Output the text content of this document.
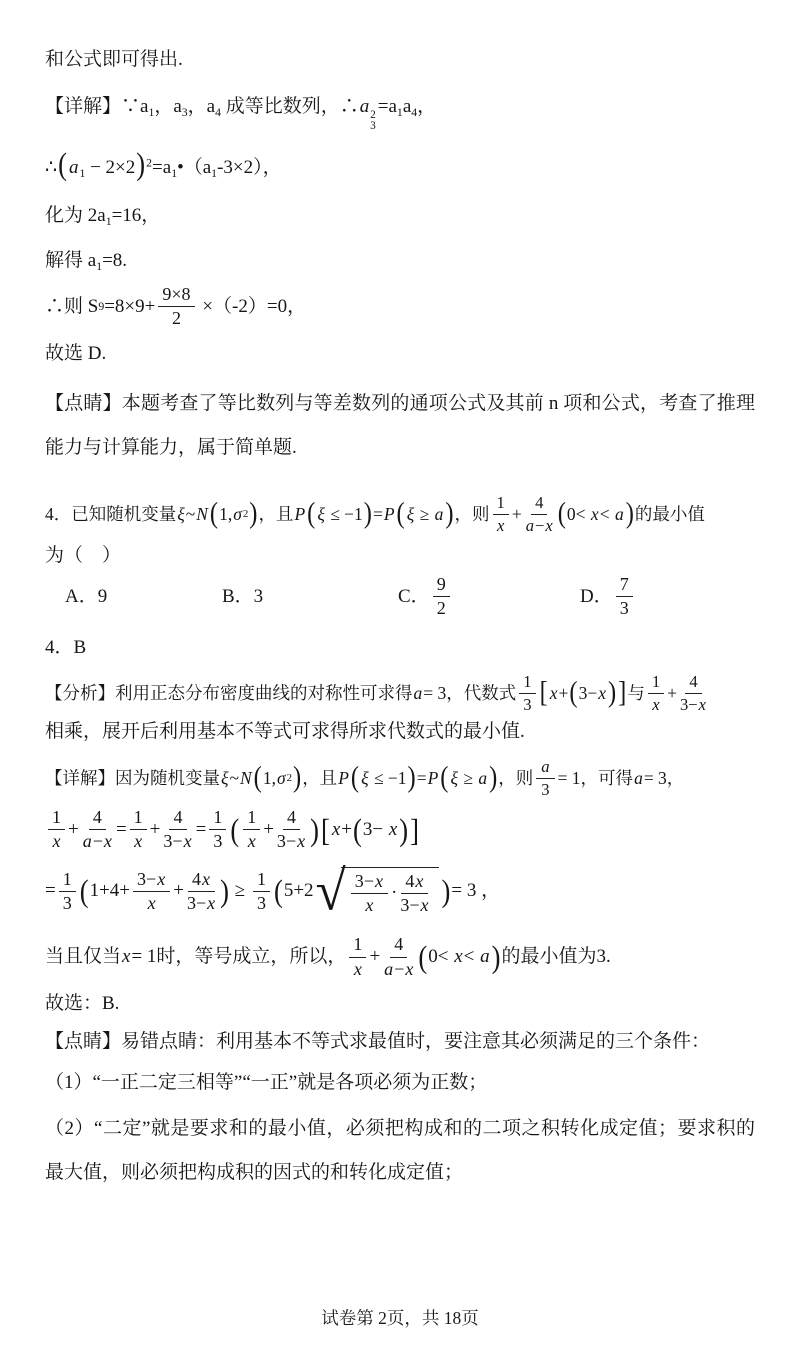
和公式即可得出.
【详解】$\because a_1$，$a_3$，$a_4$ 成等比数列，∴a 2
3
$=a_1a_4$，
∴( $a_1$ − $2\times 2)^2=a_1•(a_1-3\times 2)$，
化为 $2a_1=16$，
解得 $a_1=8$.
∴则 S $9 =8\times 9+ \frac{9\times 8}{2} \times(-2)=0$，
故选 D.
【点睛】本题考查了等比数列与等差数列的通项公式及其前 n 项和公式，考查了推理能力与计算能力，属于简单题.
4．已知随机变量 ξ ~ N ( 1, σ 2 ) ，且 P ( ξ ≤ −1 ) = P ( ξ ≥ a ) ，则 $\frac{1}{x} + \frac{4}{a-x}$ ( 0< x < a ) 的最小值
为（　）
A．9	B．3	C． $\frac{9}{2}$	D． $\frac{7}{3}$
4．B
【分析】利用正态分布密度曲线的对称性可求得 a = 3，代数式 $\frac{1}{3}$ [ x + ( 3− x ) ] 与 $\frac{1}{x} + \frac{4}{3-x}$
相乘，展开后利用基本不等式可求得所求代数式的最小值.
【详解】因为随机变量 ξ ~ N ( 1, σ 2 ) ，且 P ( ξ ≤ −1 ) = P ( ξ ≥ a ) ，则 $\frac{a}{3} = 1$，可得 a = 3，
$\frac{1}{x} + \frac{4}{a-x} = \frac{1}{x} + \frac{4}{3-x} = \frac{1}{3}$ ( $\frac{1}{x} + \frac{4}{3-x}$ ) [ x + ( 3− x ) ]
= $\frac{1}{3}$ ( $1+4+ \frac{3-x}{x} + \frac{4x}{3-x}$ ) ≥ $\frac{1}{3}$ ( 5+2 √ $\frac{3-x}{x} \cdot \frac{4x}{3-x}$ ) = 3 ，
当且仅当 x = 1时，等号成立，所以， $\frac{1}{x} + \frac{4}{a-x}$ ( 0< x < a ) 的最小值为3.
故选：B.
【点睛】易错点睛：利用基本不等式求最值时，要注意其必须满足的三个条件：
（1）“一正二定三相等”“一正”就是各项必须为正数；
（2）“二定”就是要求和的最小值，必须把构成和的二项之积转化成定值；要求积的最大值，则必须把构成积的因式的和转化成定值；
试卷第 2页，共 18页
